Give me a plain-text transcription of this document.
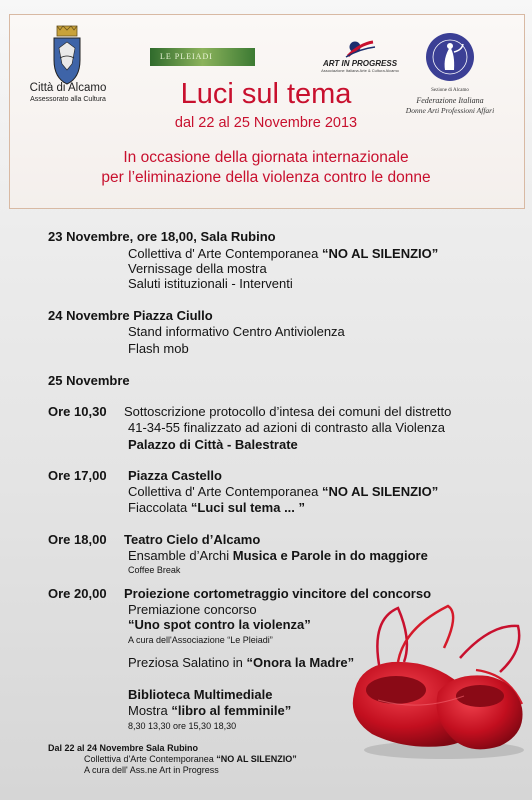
Città di Alcamo
Assessorato alla Cultura
LE PLEIADI
ART IN PROGRESS
Associazione Italiana Arte & Cultura Alcamo
Sezione di Alcamo
Federazione Italiana
Donne Arti Professioni Affari
Luci sul tema
dal 22 al 25 Novembre 2013
In occasione della giornata internazionale
per l’eliminazione della violenza contro le donne
23 Novembre, ore 18,00, Sala Rubino
Collettiva d' Arte Contemporanea “NO AL SILENZIO”
Vernissage della mostra
Saluti istituzionali - Interventi
24 Novembre Piazza Ciullo
Stand informativo Centro Antiviolenza
Flash mob
25 Novembre
Ore 10,30 Sottoscrizione protocollo d’intesa dei comuni del distretto
41-34-55 finalizzato ad azioni di contrasto alla Violenza
Palazzo di Città - Balestrate
Ore 17,00 Piazza Castello
Collettiva d' Arte Contemporanea “NO AL SILENZIO”
Fiaccolata “Luci sul tema ... ”
Ore 18,00 Teatro Cielo d’Alcamo
Ensamble d’Archi Musica e Parole in do maggiore
Coffee Break
Ore 20,00 Proiezione cortometraggio vincitore del concorso
Premiazione concorso
“Uno spot contro la violenza”
A cura dell'Associazione “Le Pleiadi”
Preziosa Salatino in “Onora la Madre”
Biblioteca Multimediale
Mostra “libro al femminile”
8,30 13,30 ore 15,30 18,30
Dal 22 al 24 Novembre Sala Rubino
Collettiva d'Arte Contemporanea “NO AL SILENZIO”
A cura dell' Ass.ne Art in Progress
